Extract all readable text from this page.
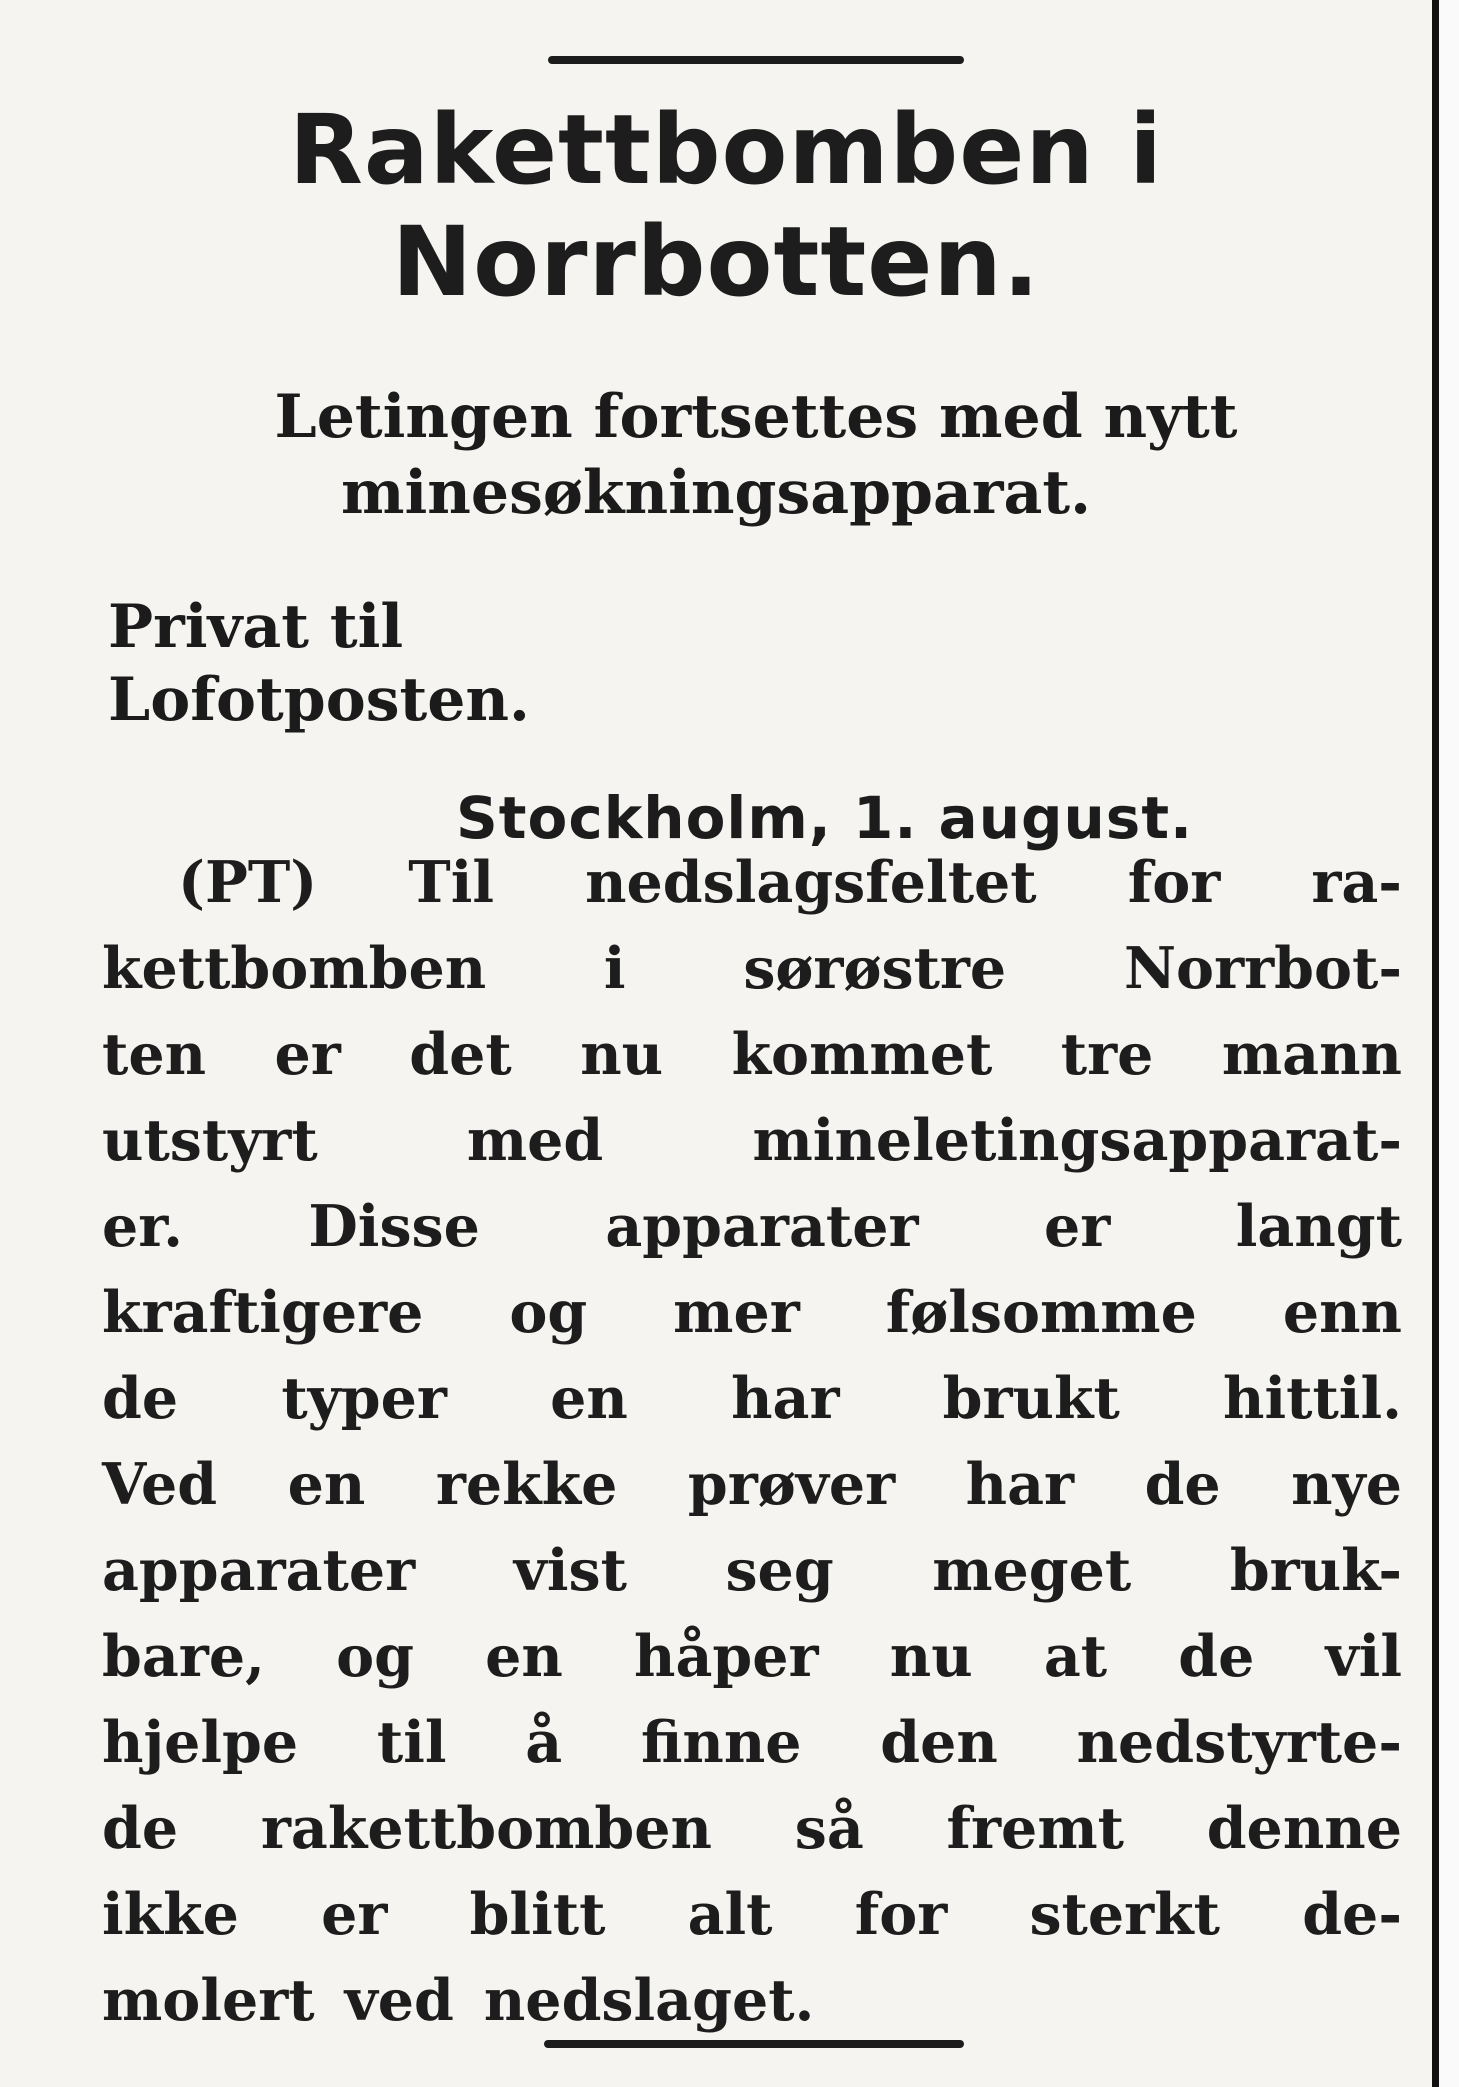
Rakettbomben i
Norrbotten.
Letingen fortsettes med nytt
minesøkningsapparat.
Privat til
Lofotposten.
Stockholm, 1. august.
(PT) Til nedslagsfeltet for ra-
kettbomben i sørøstre Norrbot-
ten er det nu kommet tre mann
utstyrt	med	mineletingsapparat-
er. Disse apparater er langt
kraftigere og mer følsomme enn
de typer en har brukt hittil.
Ved en rekke prøver har de nye
apparater vist seg meget bruk-
bare, og en håper nu at de vil
hjelpe til å finne den nedstyrte-
de rakettbomben så fremt denne
ikke er blitt alt for sterkt de-
molert ved nedslaget.
